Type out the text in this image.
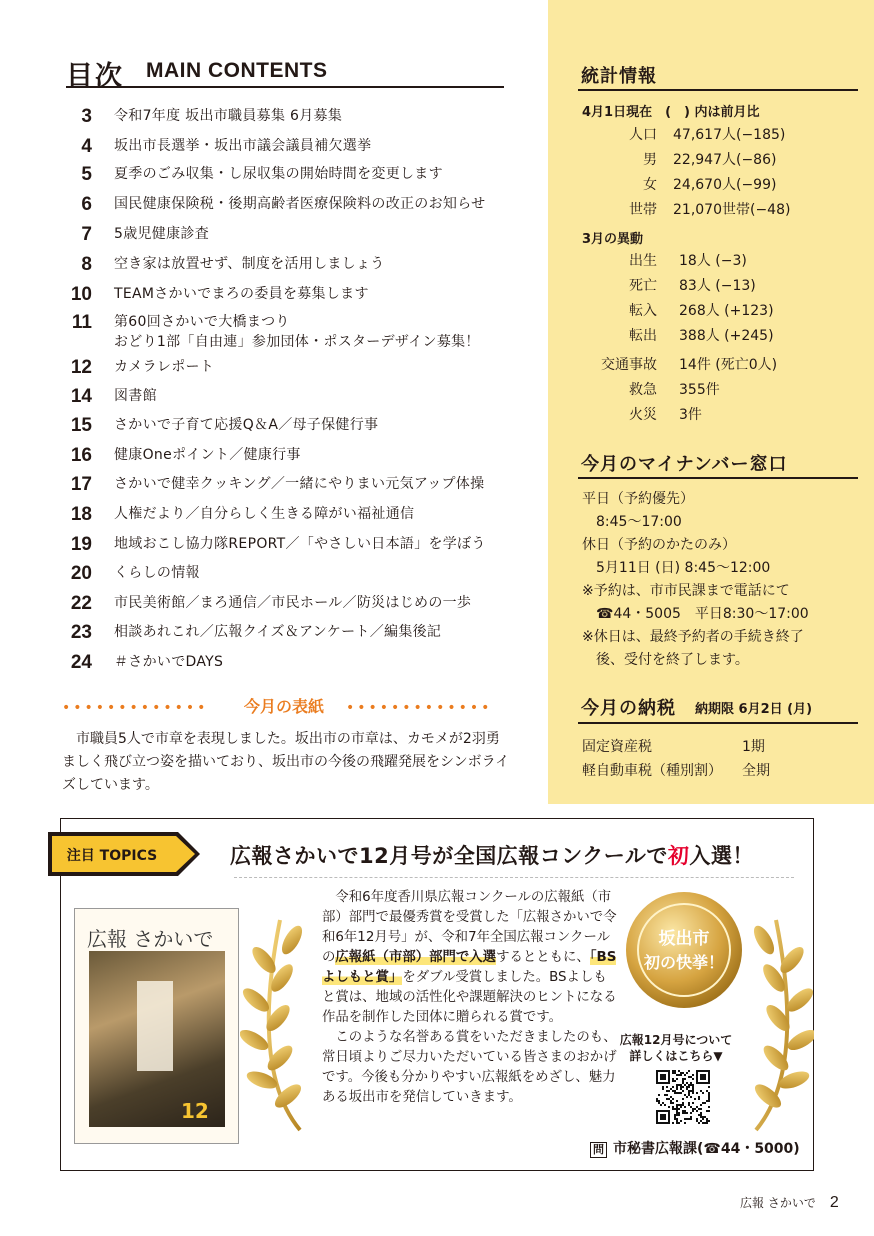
目次 MAIN CONTENTS
3 令和7年度 坂出市職員募集 6月募集
4 坂出市長選挙・坂出市議会議員補欠選挙
5 夏季のごみ収集・し尿収集の開始時間を変更します
6 国民健康保険税・後期高齢者医療保険料の改正のお知らせ
7 5歳児健康診査
8 空き家は放置せず、制度を活用しましょう
10 TEAMさかいでまろの委員を募集します
11 第60回さかいで大橋まつり
おどり1部「自由連」参加団体・ポスターデザイン募集！
12 カメラレポート
14 図書館
15 さかいで子育て応援Q＆A／母子保健行事
16 健康Oneポイント／健康行事
17 さかいで健幸クッキング／一緒にやりまい元気アップ体操
18 人権だより／自分らしく生きる障がい福祉通信
19 地域おこし協力隊REPORT／「やさしい日本語」を学ぼう
20 くらしの情報
22 市民美術館／まろ通信／市民ホール／防災はじめの一歩
23 相談あれこれ／広報クイズ＆アンケート／編集後記
24 ＃さかいでDAYS
•••••••••••••	今月の表紙	•••••••••••••
市職員5人で市章を表現しました。坂出市の市章は、カモメが2羽勇ましく飛び立つ姿を描いており、坂出市の今後の飛躍発展をシンボライズしています。
統計情報
4月1日現在　(　) 内は前月比
人口 47,617人(−185)
男 22,947人(−86)
女 24,670人(−99)
世帯 21,070世帯(−48)
3月の異動
出生 18人 (−3)
死亡 83人 (−13)
転入 268人 (+123)
転出 388人 (+245)
交通事故 14件 (死亡0人)
救急 355件
火災 3件
今月のマイナンバー窓口
平日（予約優先）
　8:45〜17:00
休日（予約のかたのみ）
　5月11日 (日) 8:45〜12:00
※予約は、市市民課まで電話にて
　☎44・5005　平日8:30〜17:00
※休日は、最終予約者の手続き終了
　後、受付を終了します。
今月の納税 納期限 6月2日 (月)
固定資産税	1期
軽自動車税（種別割） 全期
注目 TOPICS	広報さかいで12月号が全国広報コンクールで初入選！
広報 さかいで
12
令和6年度香川県広報コンクールの広報紙（市部）部門で最優秀賞を受賞した「広報さかいで令和6年12月号」が、令和7年全国広報コンクールの広報紙（市部）部門で入選するとともに、「BSよしもと賞」をダブル受賞しました。BSよしもと賞は、地域の活性化や課題解決のヒントになる作品を制作した団体に贈られる賞です。
このような名誉ある賞をいただきましたのも、常日頃よりご尽力いただいている皆さまのおかげです。今後も分かりやすい広報紙をめざし、魅力ある坂出市を発信していきます。
坂出市
初の快挙！
広報12月号について
詳しくはこちら▼
問 市秘書広報課(☎44・5000)
広報 さかいで 2
